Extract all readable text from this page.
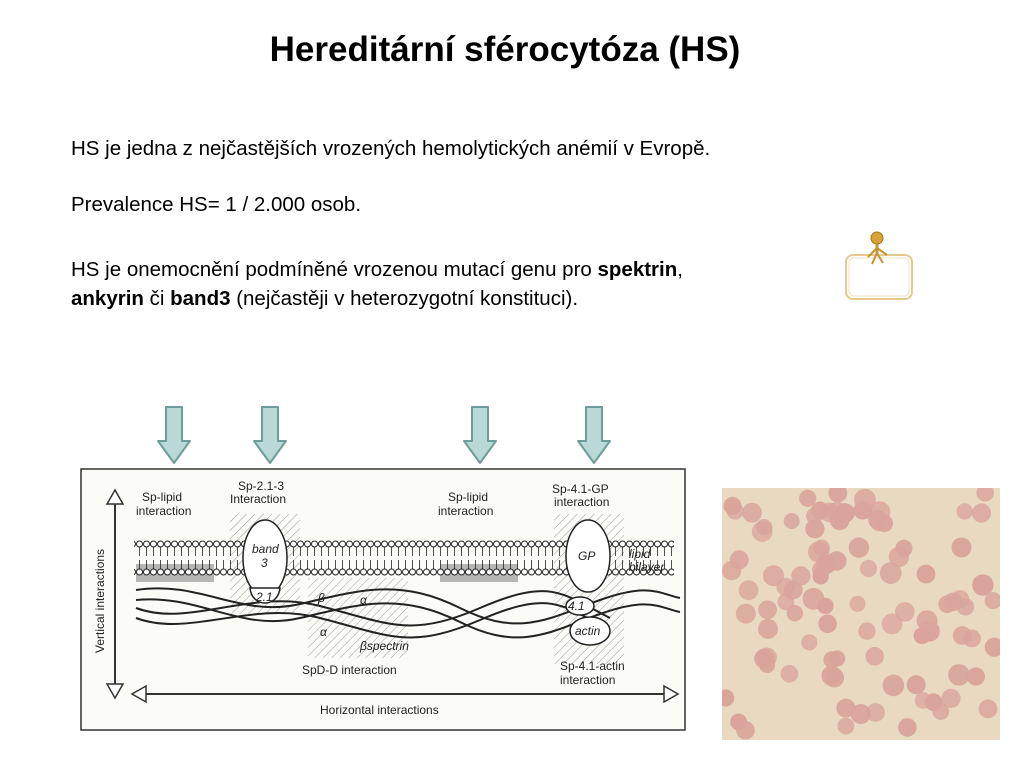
Hereditární sférocytóza (HS)
HS je jedna z nejčastějších vrozených hemolytických anémií v Evropě.
Prevalence HS= 1 / 2.000 osob.
HS je onemocnění podmíněné vrozenou mutací genu pro spektrin,
ankyrin či band3 (nejčastěji v heterozygotní konstituci).
Sp-lipid
interaction
Sp-2.1-3
Interaction	Sp-lipid
interaction
Sp-4.1-GP
interaction
band
3	GP	lipid
bilayer
2.1	β	α
α
βspectrin
4.1
actin
SpD-D interaction	Sp-4.1-actin
interaction
Vertical interactions
Horizontal interactions
